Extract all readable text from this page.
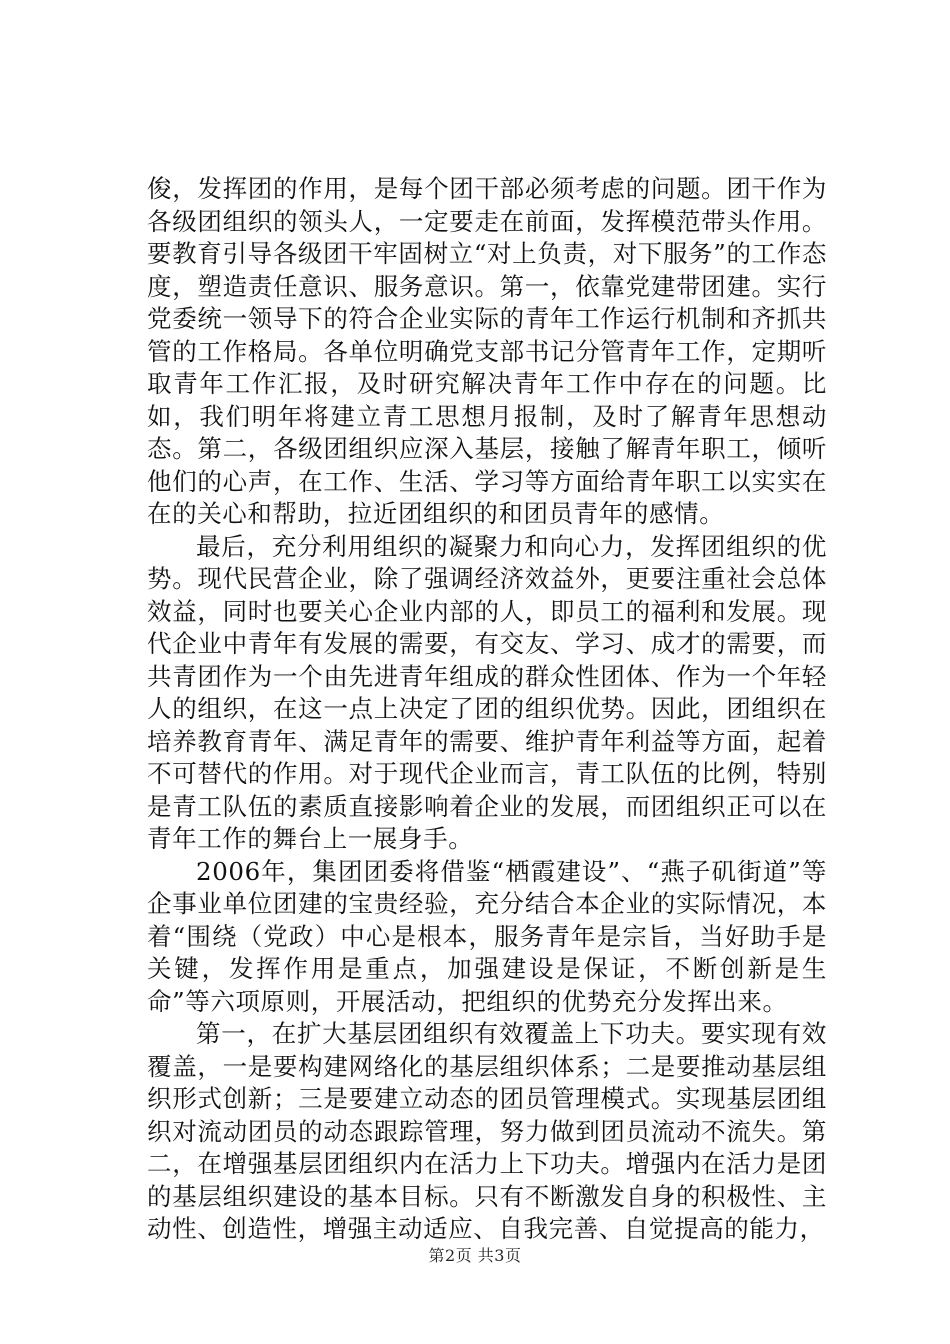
俊，发挥团的作用，是每个团干部必须考虑的问题。团干作为各级团组织的领头人，一定要走在前面，发挥模范带头作用。要教育引导各级团干牢固树立“对上负责，对下服务”的工作态度，塑造责任意识、服务意识。第一，依靠党建带团建。实行党委统一领导下的符合企业实际的青年工作运行机制和齐抓共管的工作格局。各单位明确党支部书记分管青年工作，定期听取青年工作汇报，及时研究解决青年工作中存在的问题。比如，我们明年将建立青工思想月报制，及时了解青年思想动态。第二，各级团组织应深入基层，接触了解青年职工，倾听他们的心声，在工作、生活、学习等方面给青年职工以实实在在的关心和帮助，拉近团组织的和团员青年的感情。

最后，充分利用组织的凝聚力和向心力，发挥团组织的优势。现代民营企业，除了强调经济效益外，更要注重社会总体效益，同时也要关心企业内部的人，即员工的福利和发展。现代企业中青年有发展的需要，有交友、学习、成才的需要，而共青团作为一个由先进青年组成的群众性团体、作为一个年轻人的组织，在这一点上决定了团的组织优势。因此，团组织在培养教育青年、满足青年的需要、维护青年利益等方面，起着不可替代的作用。对于现代企业而言，青工队伍的比例，特别是青工队伍的素质直接影响着企业的发展，而团组织正可以在青年工作的舞台上一展身手。

2006年，集团团委将借鉴“栖霞建设”、“燕子矶街道”等企事业单位团建的宝贵经验，充分结合本企业的实际情况，本着“围绕（党政）中心是根本，服务青年是宗旨，当好助手是关键，发挥作用是重点，加强建设是保证，不断创新是生命”等六项原则，开展活动，把组织的优势充分发挥出来。

第一，在扩大基层团组织有效覆盖上下功夫。要实现有效覆盖，一是要构建网络化的基层组织体系；二是要推动基层组织形式创新；三是要建立动态的团员管理模式。实现基层团组织对流动团员的动态跟踪管理，努力做到团员流动不流失。第二，在增强基层团组织内在活力上下功夫。增强内在活力是团的基层组织建设的基本目标。只有不断激发自身的积极性、主动性、创造性，增强主动适应、自我完善、自觉提高的能力，

第2页 共3页
